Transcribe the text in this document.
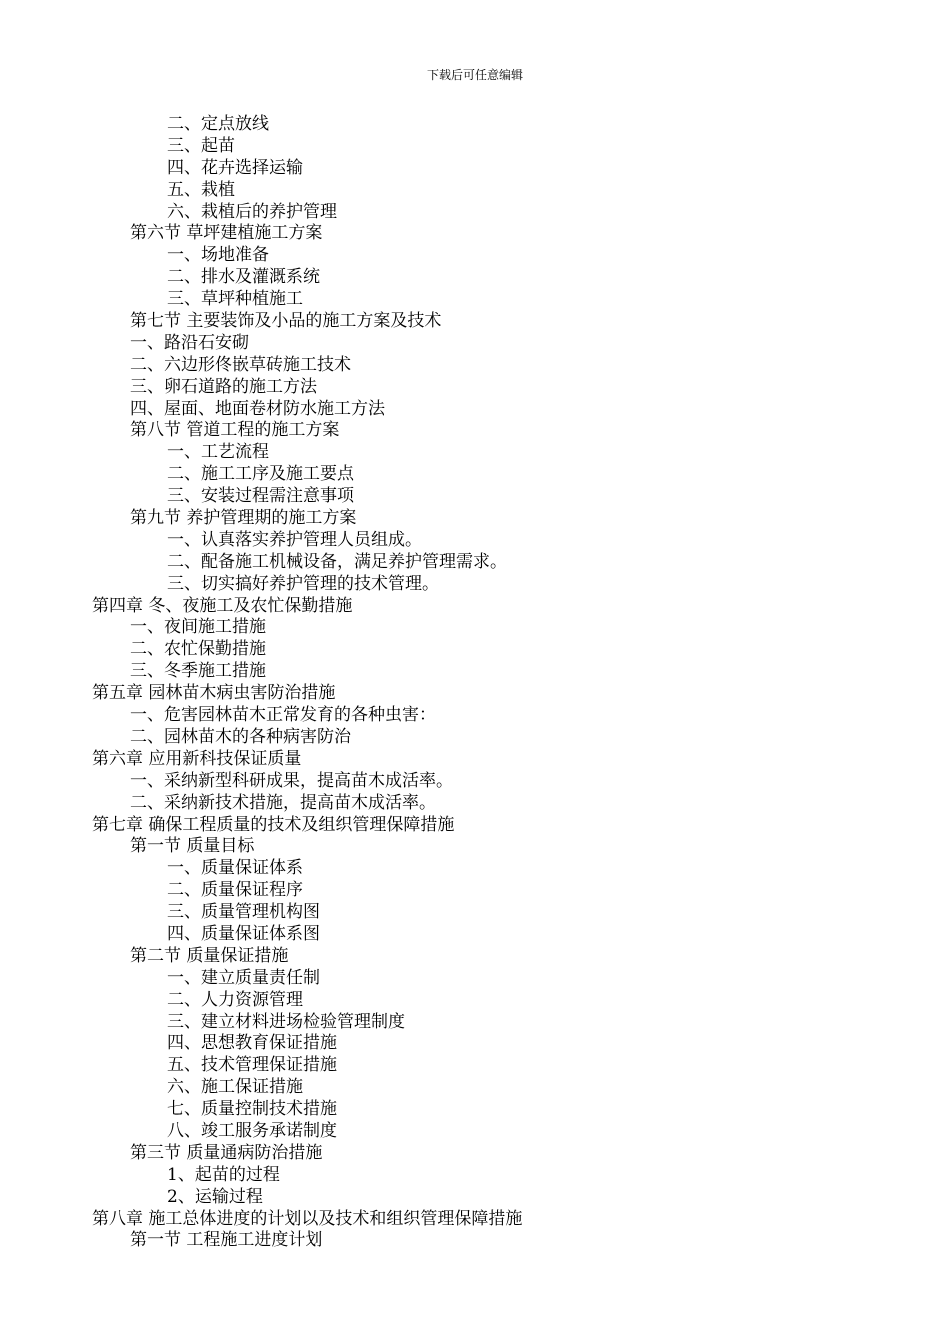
下载后可任意编辑
二、定点放线
三、起苗
四、花卉选择运输
五、栽植
六、栽植后的养护管理
第六节 草坪建植施工方案
一、场地准备
二、排水及灌溉系统
三、草坪种植施工
第七节 主要装饰及小品的施工方案及技术
一、路沿石安砌
二、六边形佟嵌草砖施工技术
三、卵石道路的施工方法
四、屋面、地面卷材防水施工方法
第八节 管道工程的施工方案
一、工艺流程
二、施工工序及施工要点
三、安装过程需注意事项
第九节 养护管理期的施工方案
一、认真落实养护管理人员组成。
二、配备施工机械设备，满足养护管理需求。
三、切实搞好养护管理的技术管理。
第四章 冬、夜施工及农忙保勤措施
一、夜间施工措施
二、农忙保勤措施
三、冬季施工措施
第五章 园林苗木病虫害防治措施
一、危害园林苗木正常发育的各种虫害：
二、园林苗木的各种病害防治
第六章 应用新科技保证质量
一、采纳新型科研成果，提高苗木成活率。
二、采纳新技术措施，提高苗木成活率。
第七章 确保工程质量的技术及组织管理保障措施
第一节 质量目标
一、质量保证体系
二、质量保证程序
三、质量管理机构图
四、质量保证体系图
第二节 质量保证措施
一、建立质量责任制
二、人力资源管理
三、建立材料进场检验管理制度
四、思想教育保证措施
五、技术管理保证措施
六、施工保证措施
七、质量控制技术措施
八、竣工服务承诺制度
第三节 质量通病防治措施
1、起苗的过程
2、运输过程
第八章 施工总体进度的计划以及技术和组织管理保障措施
第一节 工程施工进度计划
